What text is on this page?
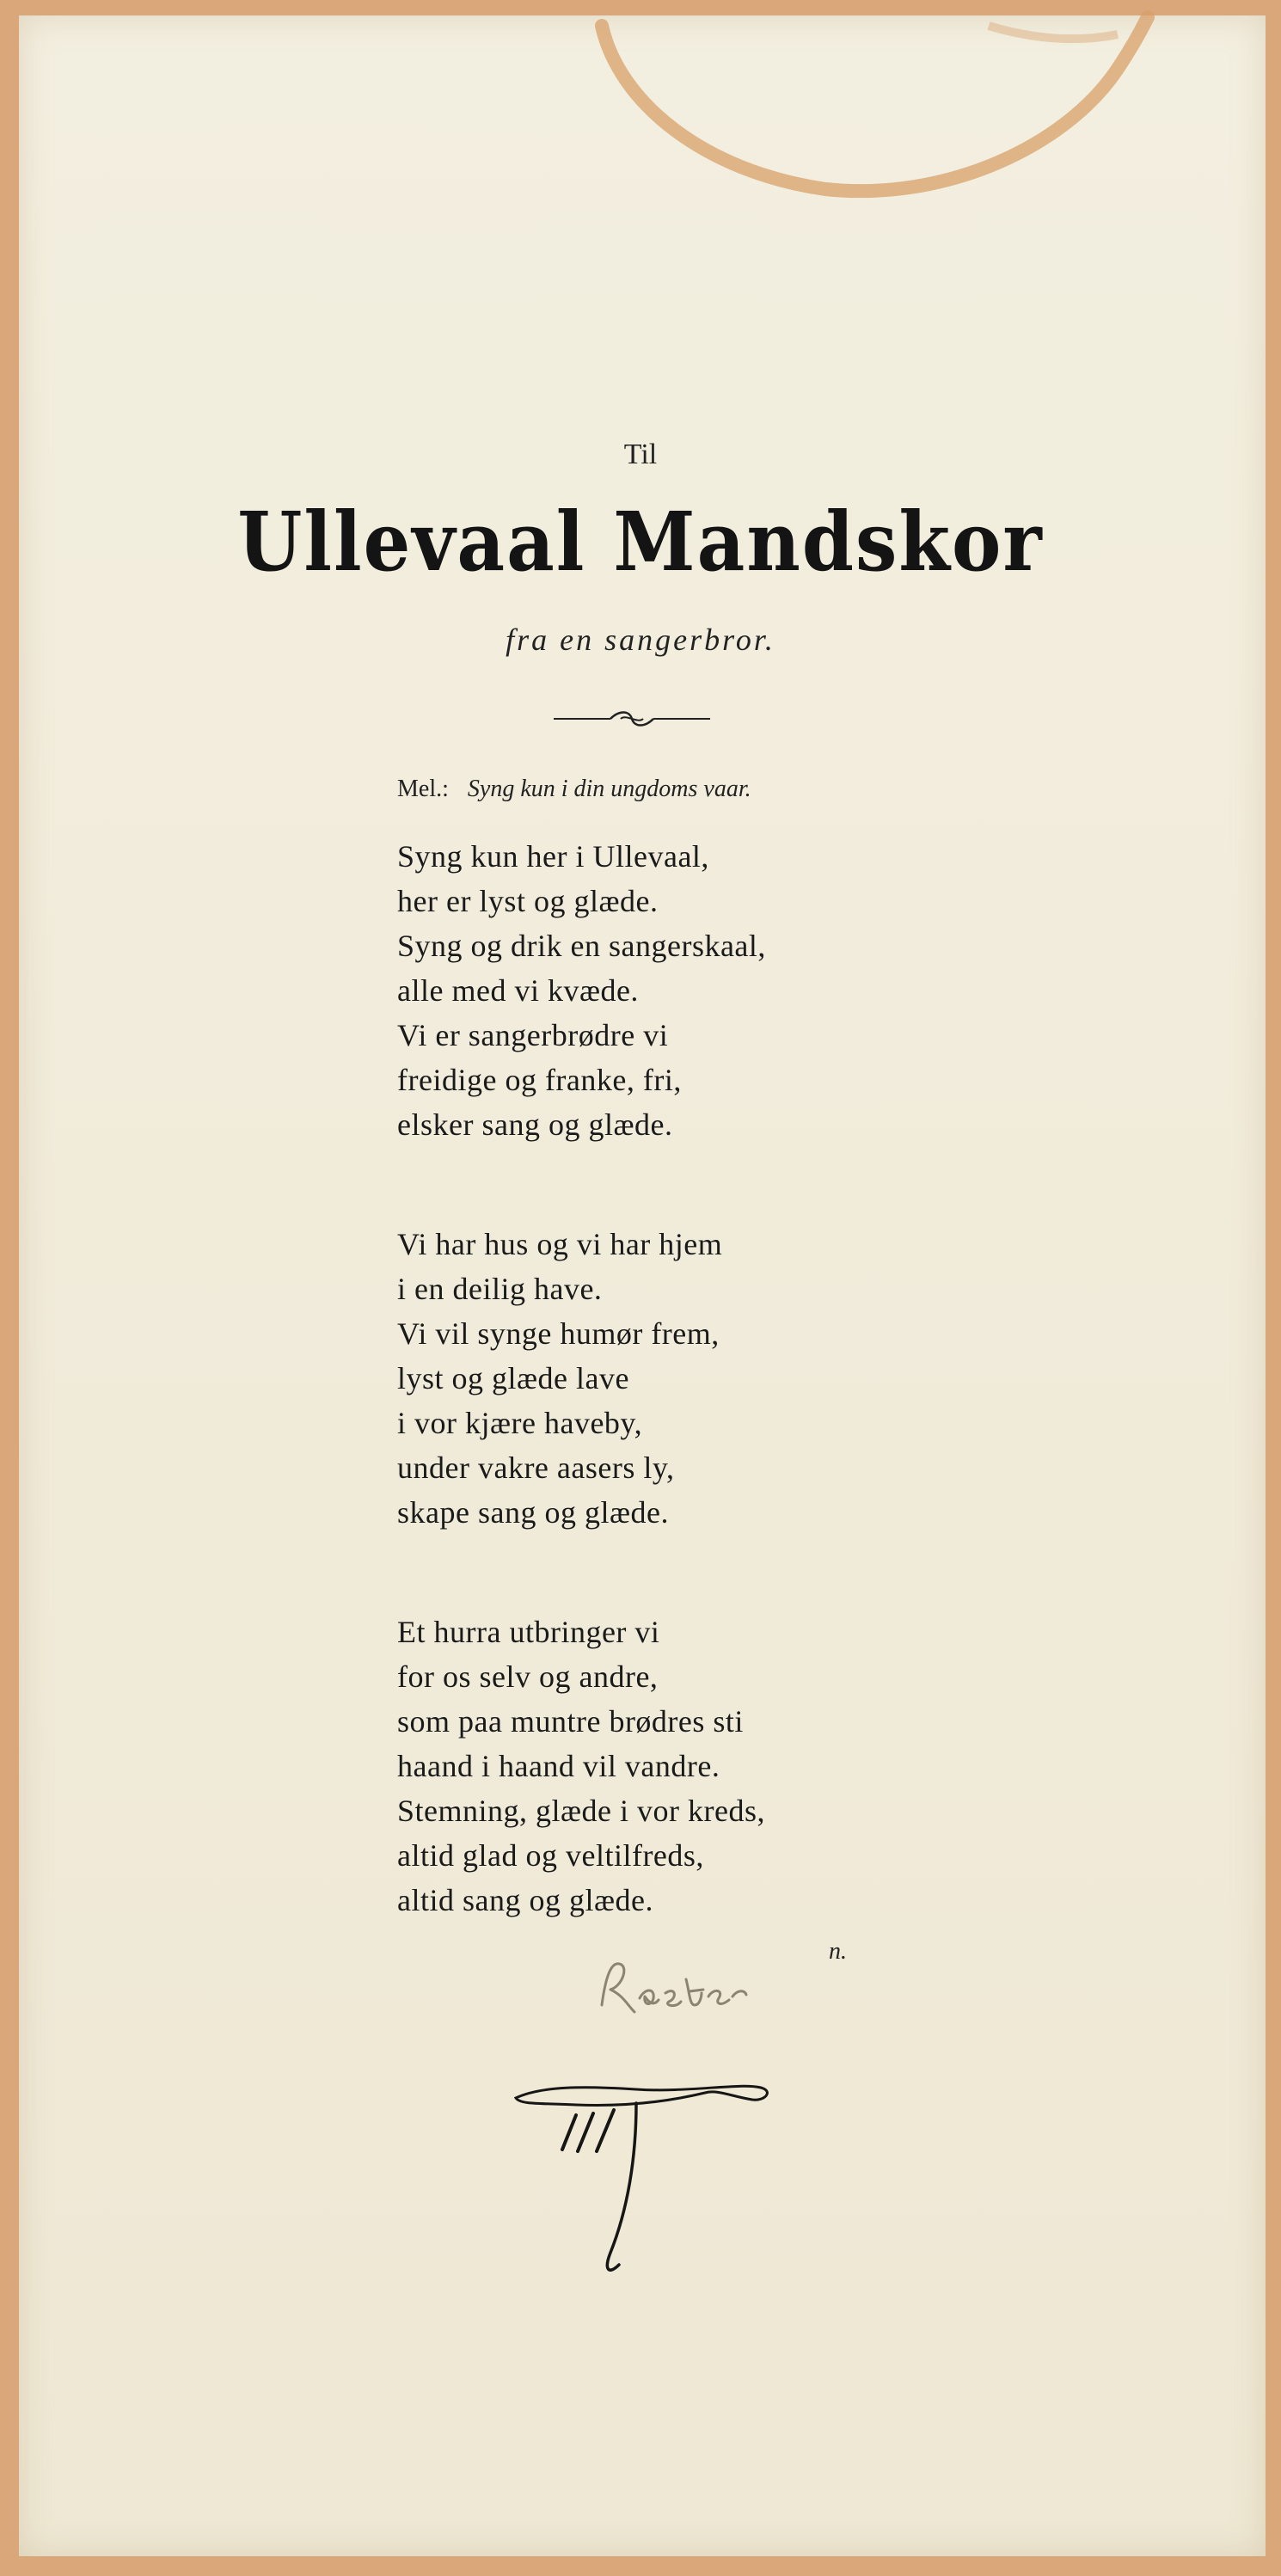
Til
Ullevaal Mandskor
fra en sangerbror.
Mel.: Syng kun i din ungdoms vaar.
Syng kun her i Ullevaal,
her er lyst og glæde.
Syng og drik en sangerskaal,
alle med vi kvæde.
Vi er sangerbrødre vi
freidige og franke, fri,
elsker sang og glæde.
Vi har hus og vi har hjem
i en deilig have.
Vi vil synge humør frem,
lyst og glæde lave
i vor kjære haveby,
under vakre aasers ly,
skape sang og glæde.
Et hurra utbringer vi
for os selv og andre,
som paa muntre brødres sti
haand i haand vil vandre.
Stemning, glæde i vor kreds,
altid glad og veltilfreds,
altid sang og glæde.
n.
